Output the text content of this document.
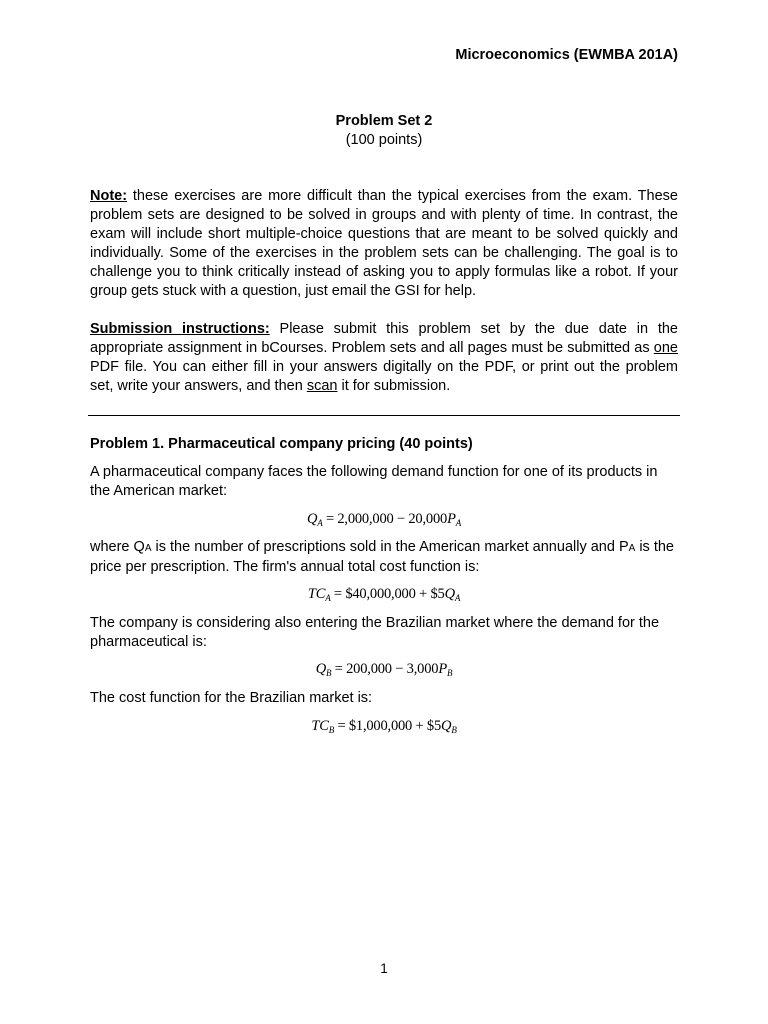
Microeconomics (EWMBA 201A)
Problem Set 2
(100 points)
Note: these exercises are more difficult than the typical exercises from the exam. These problem sets are designed to be solved in groups and with plenty of time. In contrast, the exam will include short multiple-choice questions that are meant to be solved quickly and individually. Some of the exercises in the problem sets can be challenging. The goal is to challenge you to think critically instead of asking you to apply formulas like a robot. If your group gets stuck with a question, just email the GSI for help.
Submission instructions: Please submit this problem set by the due date in the appropriate assignment in bCourses. Problem sets and all pages must be submitted as one PDF file. You can either fill in your answers digitally on the PDF, or print out the problem set, write your answers, and then scan it for submission.
Problem 1. Pharmaceutical company pricing (40 points)
A pharmaceutical company faces the following demand function for one of its products in the American market:
$Q_A = 2,000,000 - 20,000P_A$
where QA is the number of prescriptions sold in the American market annually and PA is the price per prescription. The firm's annual total cost function is:
$TC_A$ = $40,000,000 + $\$5Q_A$
The company is considering also entering the Brazilian market where the demand for the pharmaceutical is:
$Q_B = 200,000 - 3,000P_B$
The cost function for the Brazilian market is:
$TC_B$ = $1,000,000 + $\$5Q_B$
1
